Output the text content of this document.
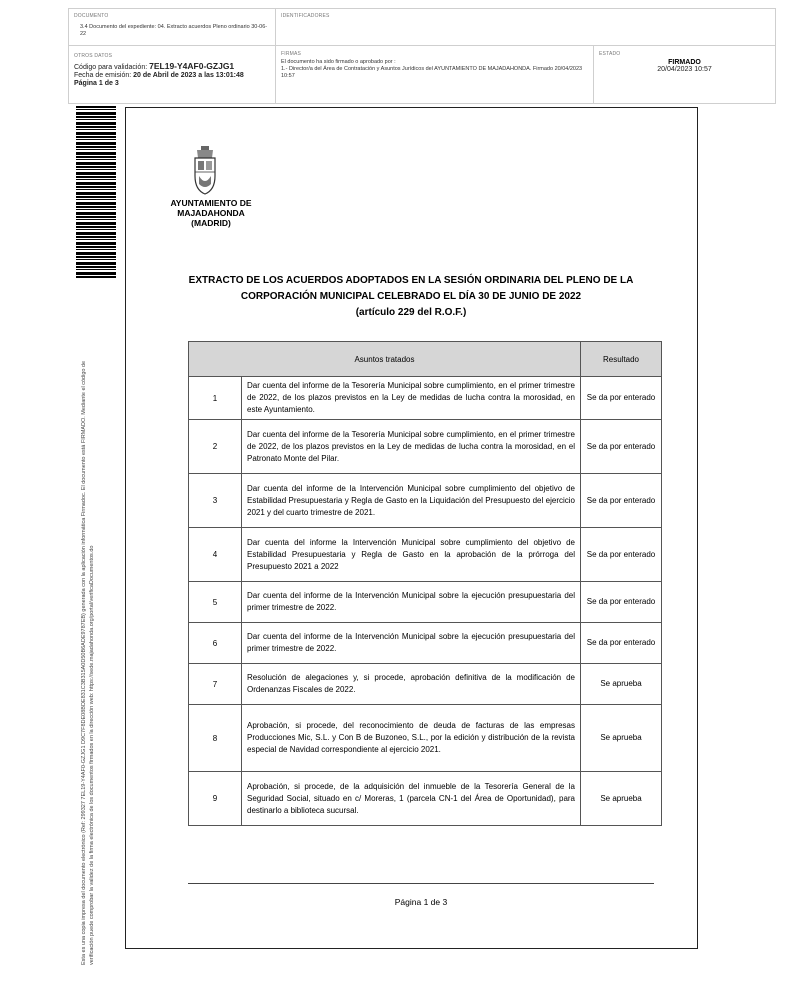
DOCUMENTO
3.4 Documento del expediente: 04. Extracto acuerdos Pleno ordinario 30-06-22
IDENTIFICADORES
OTROS DATOS
Código para validación: 7EL19-Y4AF0-GZJG1
Fecha de emisión: 20 de Abril de 2023 a las 13:01:48
Página 1 de 3
FIRMAS
El documento ha sido firmado o aprobado por :
1.- Director/a del Área de Contratación y Asuntos Jurídicos del AYUNTAMIENTO DE MAJADAHONDA. Firmado 20/04/2023 10:57
ESTADO
FIRMADO
20/04/2023 10:57
Esta es una copia impresa del documento electrónico (Ref: 299327 7EL19-Y4AF0-GZJG1 D9C7F8DE08BDE831C3B315A0D50B6ADE9787EB) generada con la aplicación informática Firmadoc. El documento está FIRMADO. Mediante el código de verificación puede comprobar la validez de la firma electrónica de los documentos firmados en la dirección web: https://sede.majadahonda.org/portal/verificaDocumentos.do
AYUNTAMIENTO DE
MAJADAHONDA
(MADRID)
EXTRACTO DE LOS ACUERDOS ADOPTADOS EN LA SESIÓN ORDINARIA DEL PLENO DE LA
CORPORACIÓN MUNICIPAL CELEBRADO EL DÍA 30 DE JUNIO DE 2022
(artículo 229 del R.O.F.)
Asuntos tratados		Resultado
1	Dar cuenta del informe de la Tesorería Municipal sobre cumplimiento, en el primer trimestre de 2022, de los plazos previstos en la Ley de medidas de lucha contra la morosidad, en este Ayuntamiento.	Se da por enterado
2	Dar cuenta del informe de la Tesorería Municipal sobre cumplimiento, en el primer trimestre de 2022, de los plazos previstos en la Ley de medidas de lucha contra la morosidad, en el Patronato Monte del Pilar.	Se da por enterado
3	Dar cuenta del informe de la Intervención Municipal sobre cumplimiento del objetivo de Estabilidad Presupuestaria y Regla de Gasto en la Liquidación del Presupuesto del ejercicio 2021 y del cuarto trimestre de 2021.	Se da por enterado
4	Dar cuenta del informe la Intervención Municipal sobre cumplimiento del objetivo de Estabilidad Presupuestaria y Regla de Gasto en la aprobación de la prórroga del Presupuesto 2021 a 2022	Se da por enterado
5	Dar cuenta del informe de la Intervención Municipal sobre la ejecución presupuestaria del primer trimestre de 2022.	Se da por enterado
6	Dar cuenta del informe de la Intervención Municipal sobre la ejecución presupuestaria del primer trimestre de 2022.	Se da por enterado
7	Resolución de alegaciones y, si procede, aprobación definitiva de la modificación de Ordenanzas Fiscales de 2022.	Se aprueba
8	Aprobación, si procede, del reconocimiento de deuda de facturas de las empresas Producciones Mic, S.L. y Con B de Buzoneo, S.L., por la edición y distribución de la revista especial de Navidad correspondiente al ejercicio 2021.	Se aprueba
9	Aprobación, si procede, de la adquisición del inmueble de la Tesorería General de la Seguridad Social, situado en c/ Moreras, 1 (parcela CN-1 del Área de Oportunidad), para destinarlo a biblioteca sucursal.	Se aprueba
Página 1 de 3
